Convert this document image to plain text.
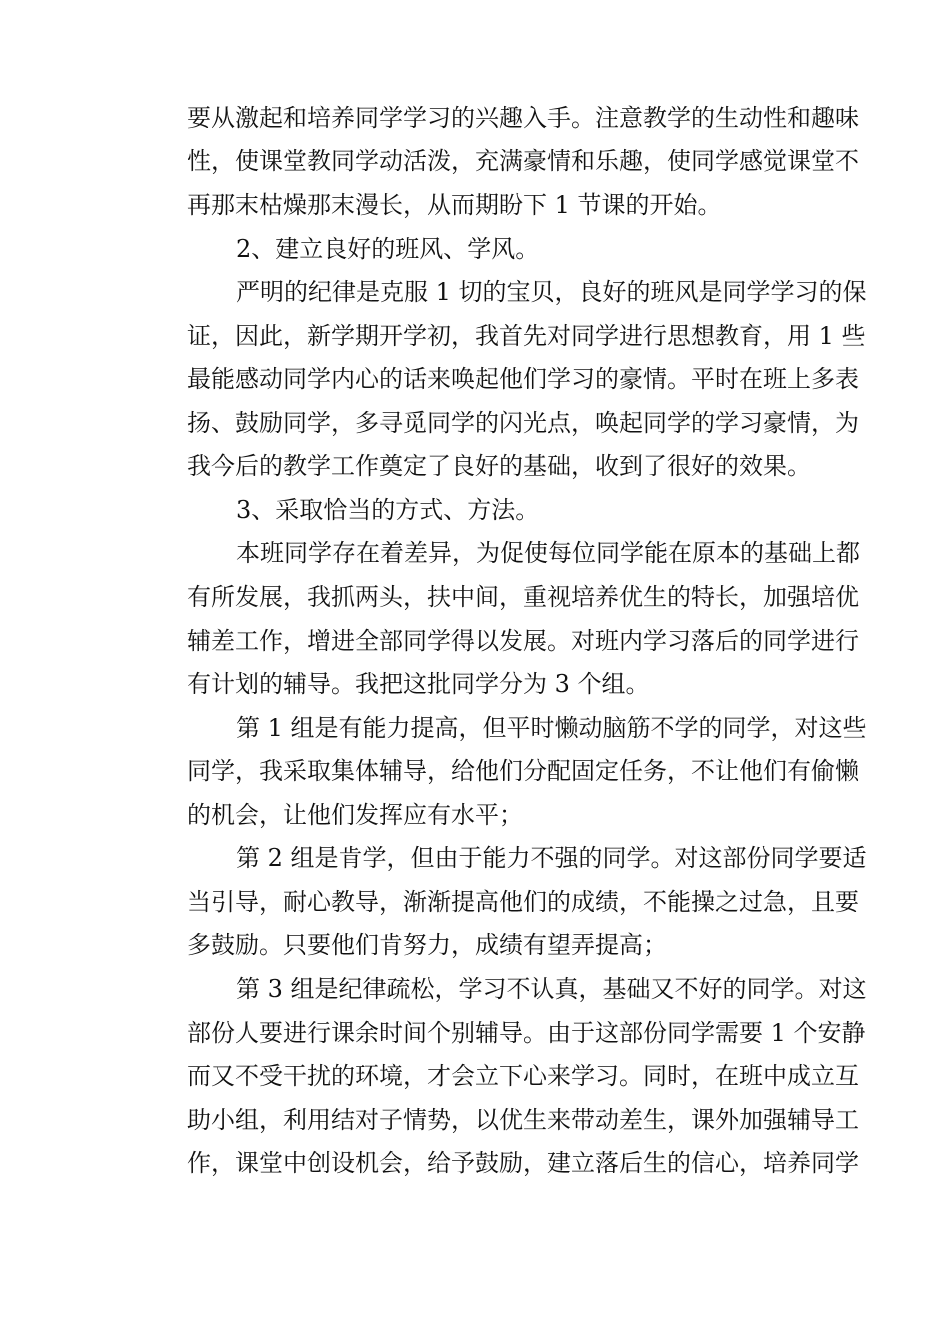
要从激起和培养同学学习的兴趣入手。注意教学的生动性和趣味
性，使课堂教同学动活泼，充满豪情和乐趣，使同学感觉课堂不
再那末枯燥那末漫长，从而期盼下 1 节课的开始。
2、建立良好的班风、学风。
严明的纪律是克服 1 切的宝贝，良好的班风是同学学习的保
证，因此，新学期开学初，我首先对同学进行思想教育，用 1 些
最能感动同学内心的话来唤起他们学习的豪情。平时在班上多表
扬、鼓励同学，多寻觅同学的闪光点，唤起同学的学习豪情，为
我今后的教学工作奠定了良好的基础，收到了很好的效果。
3、采取恰当的方式、方法。
本班同学存在着差异，为促使每位同学能在原本的基础上都
有所发展，我抓两头，扶中间，重视培养优生的特长，加强培优
辅差工作，增进全部同学得以发展。对班内学习落后的同学进行
有计划的辅导。我把这批同学分为 3 个组。
第 1 组是有能力提高，但平时懒动脑筋不学的同学，对这些
同学，我采取集体辅导，给他们分配固定任务，不让他们有偷懒
的机会，让他们发挥应有水平；
第 2 组是肯学，但由于能力不强的同学。对这部份同学要适
当引导，耐心教导，渐渐提高他们的成绩，不能操之过急，且要
多鼓励。只要他们肯努力，成绩有望弄提高；
第 3 组是纪律疏松，学习不认真，基础又不好的同学。对这
部份人要进行课余时间个别辅导。由于这部份同学需要 1 个安静
而又不受干扰的环境，才会立下心来学习。同时，在班中成立互
助小组，利用结对子情势，以优生来带动差生，课外加强辅导工
作，课堂中创设机会，给予鼓励，建立落后生的信心，培养同学
